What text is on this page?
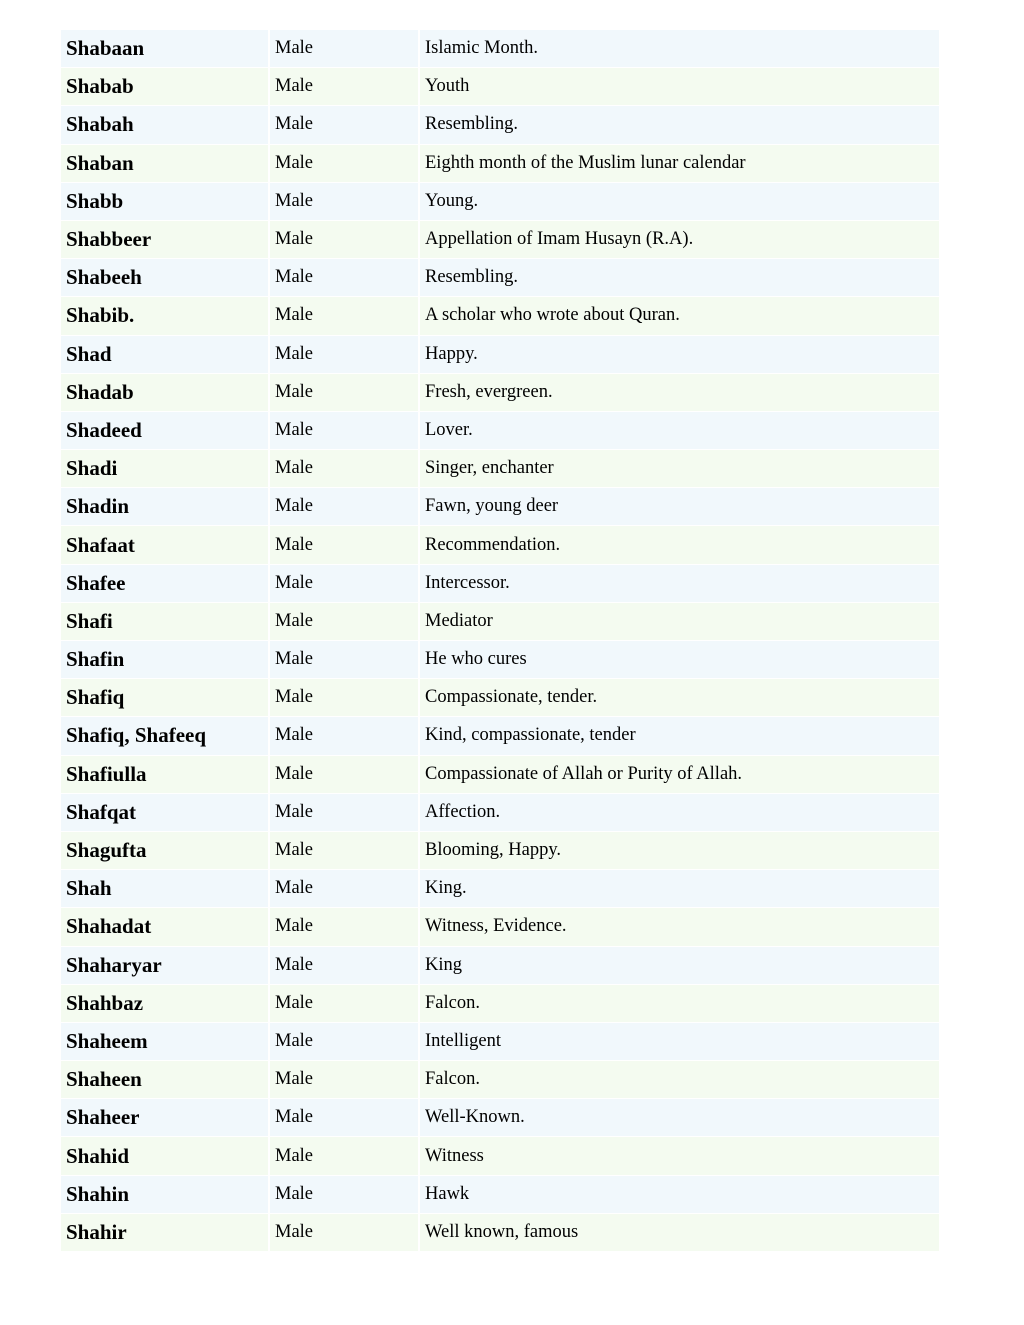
Shabaan	Male	Islamic Month.
Shabab	Male	Youth
Shabah	Male	Resembling.
Shaban	Male	Eighth month of the Muslim lunar calendar
Shabb	Male	Young.
Shabbeer	Male	Appellation of Imam Husayn (R.A).
Shabeeh	Male	Resembling.
Shabib.	Male	A scholar who wrote about Quran.
Shad	Male	Happy.
Shadab	Male	Fresh, evergreen.
Shadeed	Male	Lover.
Shadi	Male	Singer, enchanter
Shadin	Male	Fawn, young deer
Shafaat	Male	Recommendation.
Shafee	Male	Intercessor.
Shafi	Male	Mediator
Shafin	Male	He who cures
Shafiq	Male	Compassionate, tender.
Shafiq, Shafeeq	Male	Kind, compassionate, tender
Shafiulla	Male	Compassionate of Allah or Purity of Allah.
Shafqat	Male	Affection.
Shagufta	Male	Blooming, Happy.
Shah	Male	King.
Shahadat	Male	Witness, Evidence.
Shaharyar	Male	King
Shahbaz	Male	Falcon.
Shaheem	Male	Intelligent
Shaheen	Male	Falcon.
Shaheer	Male	Well-Known.
Shahid	Male	Witness
Shahin	Male	Hawk
Shahir	Male	Well known, famous
